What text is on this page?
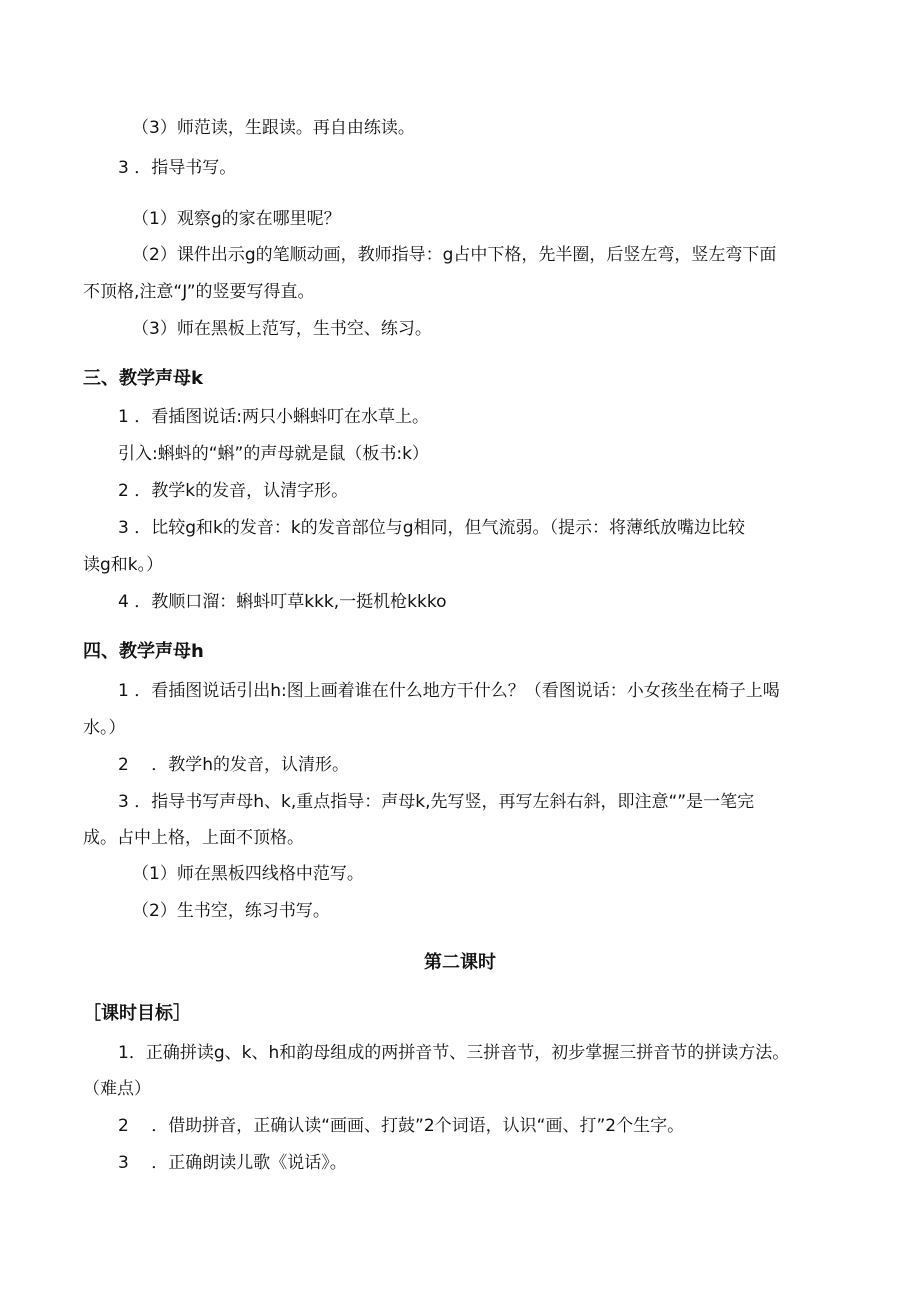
（3）师范读，生跟读。再自由练读。
3 ．指导书写。
（1）观察g的家在哪里呢？
（2）课件出示g的笔顺动画，教师指导：g占中下格，先半圈，后竖左弯，竖左弯下面
不顶格,注意“J”的竖要写得直。
（3）师在黑板上范写，生书空、练习。
三、教学声母k
1 ．看插图说话:两只小蝌蚪叮在水草上。
引入:蝌蚪的“蝌”的声母就是鼠（板书:k）
2 ．教学k的发音，认清字形。
3 ．比较g和k的发音：k的发音部位与g相同，但气流弱。（提示：将薄纸放嘴边比较
读g和k。）
4 ．教顺口溜：蝌蚪叮草kkk,一挺机枪kkko
四、教学声母h
1 ．看插图说话引出h:图上画着谁在什么地方干什么？（看图说话：小女孩坐在椅子上喝
水。）
2　 ．教学h的发音，认清形。
3 ．指导书写声母h、k,重点指导：声母k,先写竖，再写左斜右斜，即注意“”是一笔完
成。占中上格，上面不顶格。
（1）师在黑板四线格中范写。
（2）生书空，练习书写。
第二课时
［课时目标］
1．正确拼读g、k、h和韵母组成的两拼音节、三拼音节，初步掌握三拼音节的拼读方法。
（难点）
2　 ．借助拼音，正确认读“画画、打鼓”2个词语，认识“画、打”2个生字。
3　 ．正确朗读儿歌《说话》。
